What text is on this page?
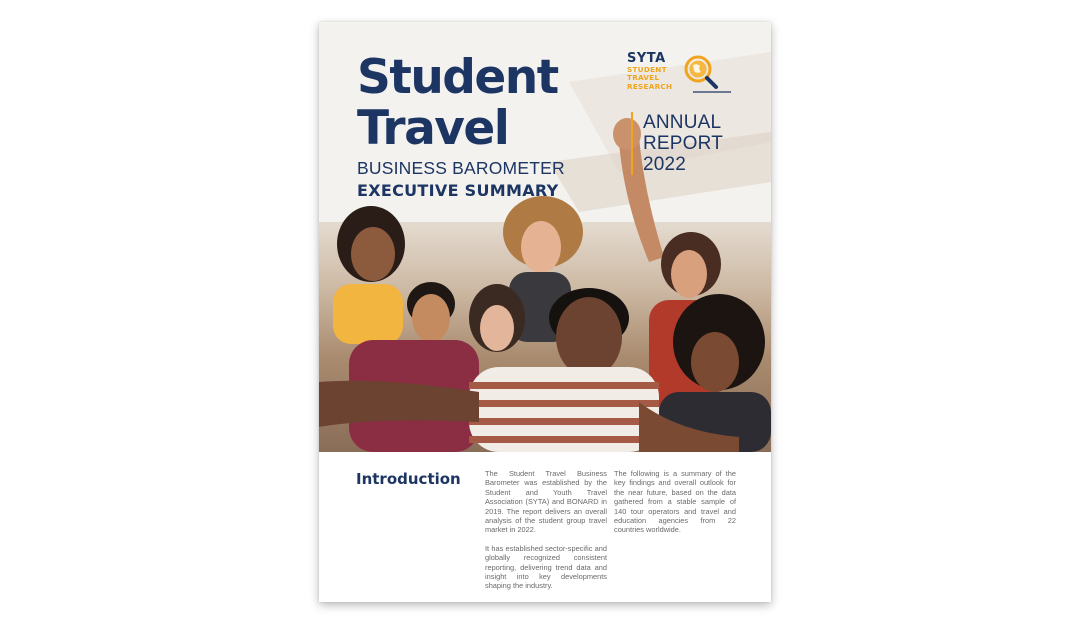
Student
Travel
BUSINESS BAROMETER
EXECUTIVE SUMMARY
SYTA
STUDENT
TRAVEL
RESEARCH
ANNUAL
REPORT
2022
Introduction	The Student Travel Business Barometer was established by the Student and Youth Travel Association (SYTA) and BONARD in 2019. The report delivers an overall analysis of the student group travel market in 2022.

It has established sector-specific and globally recognized consistent reporting, delivering trend data and insight into key developments shaping the industry.

The following is a summary of the key findings and overall outlook for the near future, based on the data gathered from a stable sample of 140 tour operators and travel and education agencies from 22 countries worldwide.
